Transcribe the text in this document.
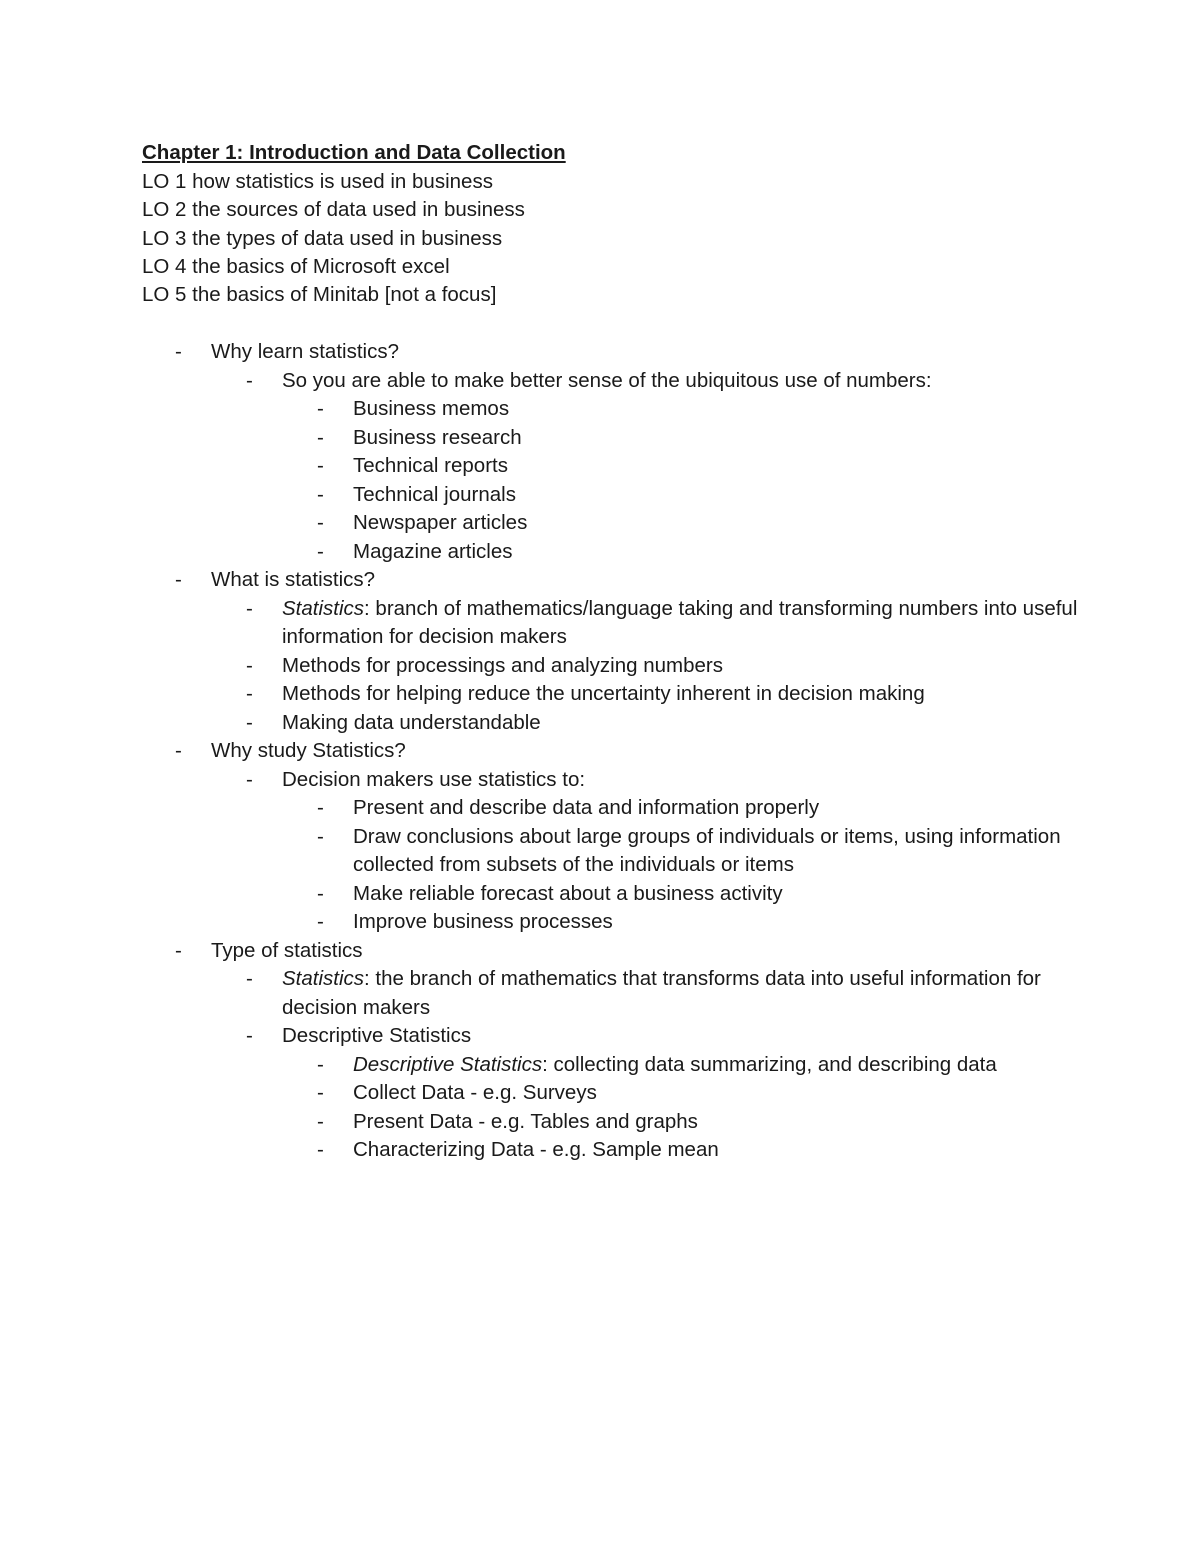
Chapter 1: Introduction and Data Collection

LO 1 how statistics is used in business

LO 2 the sources of data used in business

LO 3 the types of data used in business

LO 4 the basics of Microsoft excel

LO 5 the basics of Minitab [not a focus]

-	Why learn statistics?
-	So you are able to make better sense of the ubiquitous use of numbers:
-	Business memos
-	Business research
-	Technical reports
-	Technical journals
-	Newspaper articles
-	Magazine articles
-	What is statistics?
-	Statistics: branch of mathematics/language taking and transforming numbers into useful information for decision makers
-	Methods for processings and analyzing numbers
-	Methods for helping reduce the uncertainty inherent in decision making
-	Making data understandable
-	Why study Statistics?
-	Decision makers use statistics to:
-	Present and describe data and information properly
-	Draw conclusions about large groups of individuals or items, using information collected from subsets of the individuals or items
-	Make reliable forecast about a business activity
-	Improve business processes
-	Type of statistics
-	Statistics: the branch of mathematics that transforms data into useful information for decision makers
-	Descriptive Statistics
-	Descriptive Statistics: collecting data summarizing, and describing data
-	Collect Data - e.g. Surveys
-	Present Data - e.g. Tables and graphs
-	Characterizing Data - e.g. Sample mean
